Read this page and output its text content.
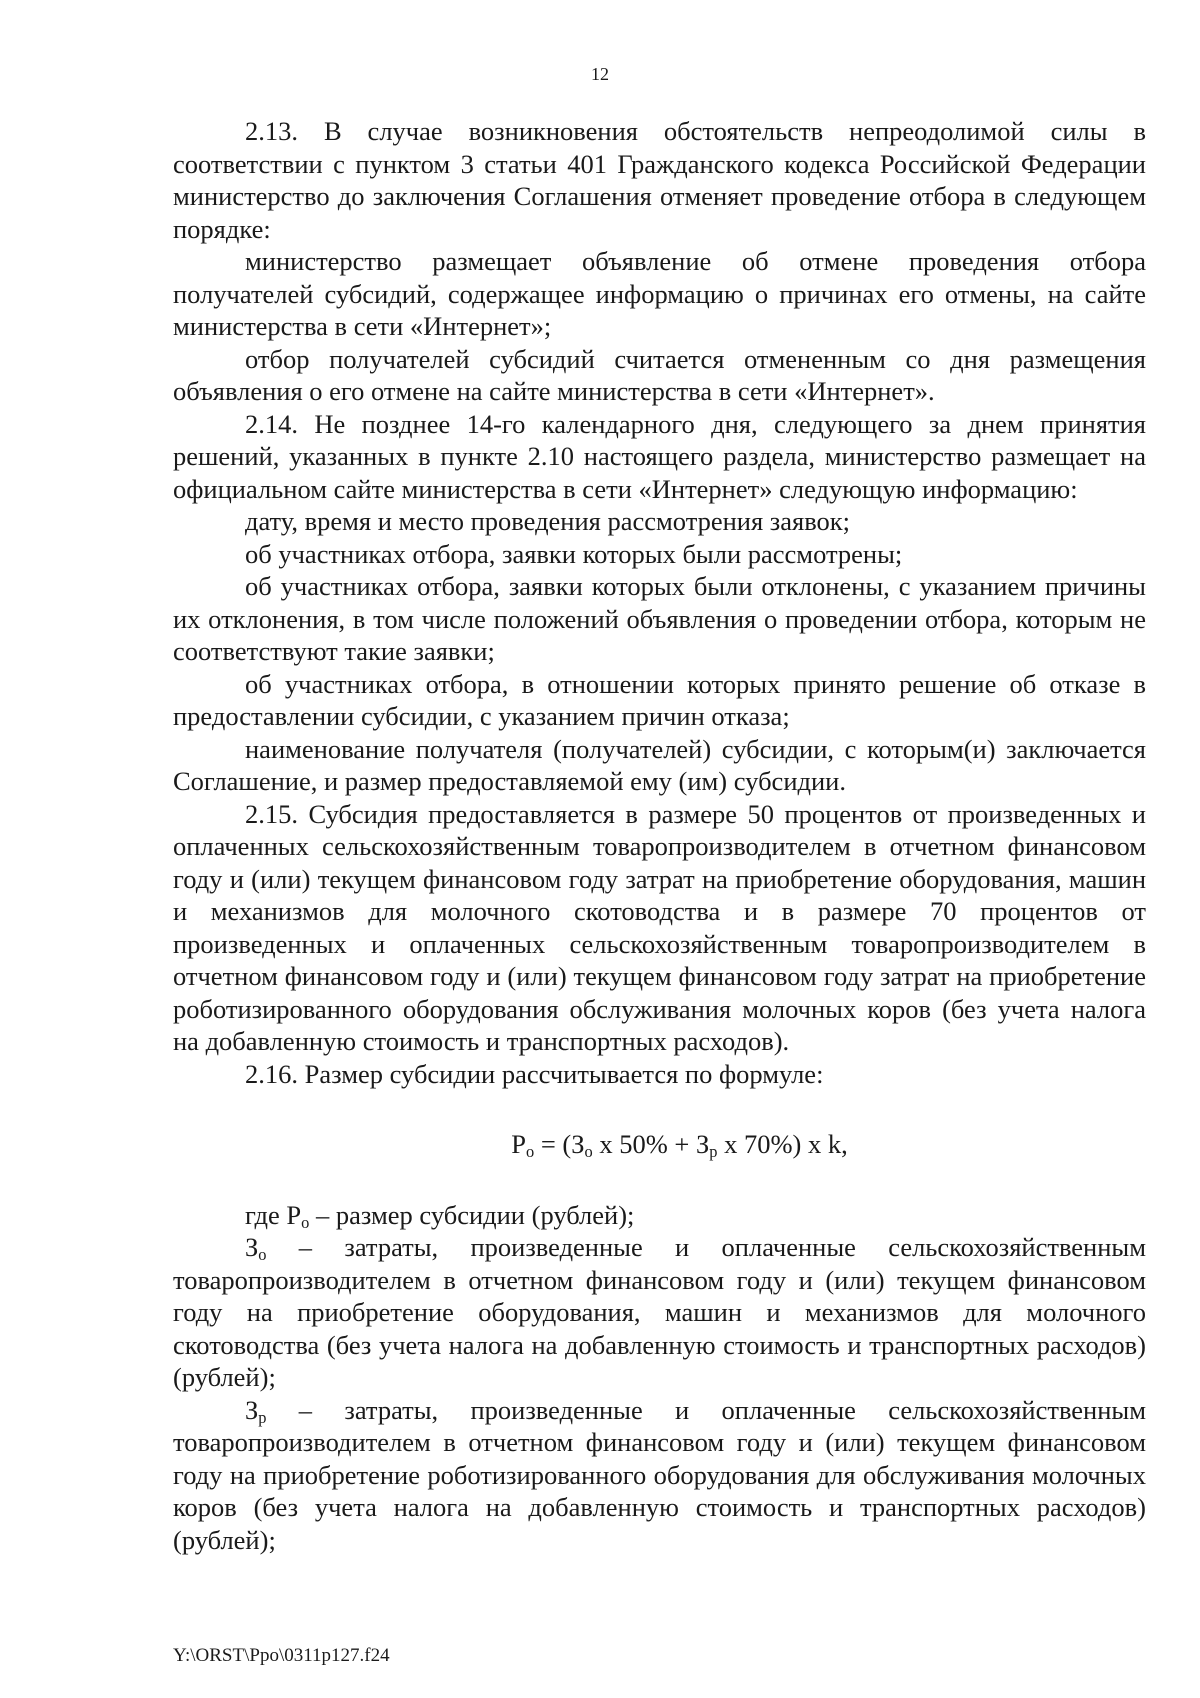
12

2.13. В случае возникновения обстоятельств непреодолимой силы в соответствии с пунктом 3 статьи 401 Гражданского кодекса Российской Федерации министерство до заключения Соглашения отменяет проведение отбора в следующем порядке:

министерство размещает объявление об отмене проведения отбора получателей субсидий, содержащее информацию о причинах его отмены, на сайте министерства в сети «Интернет»;

отбор получателей субсидий считается отмененным со дня размещения объявления о его отмене на сайте министерства в сети «Интернет».

2.14. Не позднее 14-го календарного дня, следующего за днем принятия решений, указанных в пункте 2.10 настоящего раздела, министерство размещает на официальном сайте министерства в сети «Интернет» следующую информацию:

дату, время и место проведения рассмотрения заявок;

об участниках отбора, заявки которых были рассмотрены;

об участниках отбора, заявки которых были отклонены, с указанием причины их отклонения, в том числе положений объявления о проведении отбора, которым не соответствуют такие заявки;

об участниках отбора, в отношении которых принято решение об отказе в предоставлении субсидии, с указанием причин отказа;

наименование получателя (получателей) субсидии, с которым(и) заключается Соглашение, и размер предоставляемой ему (им) субсидии.

2.15. Субсидия предоставляется в размере 50 процентов от произведенных и оплаченных сельскохозяйственным товаропроизводителем в отчетном финансовом году и (или) текущем финансовом году затрат на приобретение оборудования, машин и механизмов для молочного скотоводства и в размере 70 процентов от произведенных и оплаченных сельскохозяйственным товаропроизводителем в отчетном финансовом году и (или) текущем финансовом году затрат на приобретение роботизированного оборудования обслуживания молочных коров (без учета налога на добавленную стоимость и транспортных расходов).

2.16. Размер субсидии рассчитывается по формуле:

$P_о = (З_о$ x $50\% + З_р$ x 70%) x k,

где $P_о$ – размер субсидии (рублей);

$З_о$ – затраты, произведенные и оплаченные сельскохозяйственным товаропроизводителем в отчетном финансовом году и (или) текущем финансовом году на приобретение оборудования, машин и механизмов для молочного скотоводства (без учета налога на добавленную стоимость и транспортных расходов) (рублей);

$З_р$ – затраты, произведенные и оплаченные сельскохозяйственным товаропроизводителем в отчетном финансовом году и (или) текущем финансовом году на приобретение роботизированного оборудования для обслуживания молочных коров (без учета налога на добавленную стоимость и транспортных расходов) (рублей);

Y:\ORST\Ppo\0311p127.f24
